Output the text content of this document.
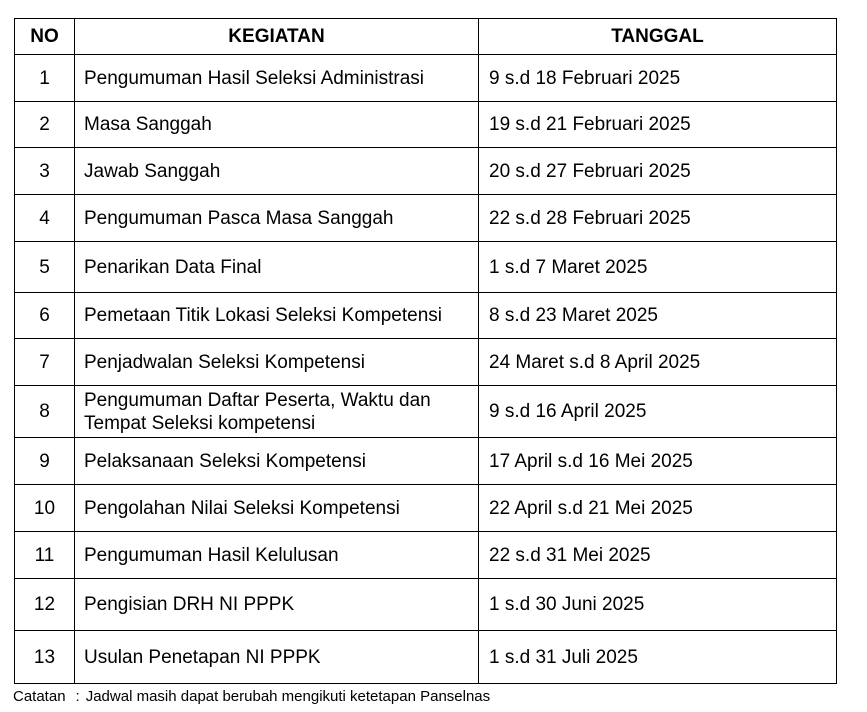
NO	KEGIATAN	TANGGAL
1	Pengumuman Hasil Seleksi Administrasi	9 s.d 18 Februari 2025
2	Masa Sanggah	19 s.d 21 Februari 2025
3	Jawab Sanggah	20 s.d 27 Februari 2025
4	Pengumuman Pasca Masa Sanggah	22 s.d 28 Februari 2025
5	Penarikan Data Final	1 s.d 7 Maret 2025
6	Pemetaan Titik Lokasi Seleksi Kompetensi	8 s.d 23 Maret 2025
7	Penjadwalan Seleksi Kompetensi	24 Maret s.d 8 April 2025
8	Pengumuman Daftar Peserta, Waktu dan Tempat Seleksi kompetensi	9 s.d 16 April 2025
9	Pelaksanaan Seleksi Kompetensi	17 April s.d 16 Mei 2025
10	Pengolahan Nilai Seleksi Kompetensi	22 April s.d 21 Mei 2025
11	Pengumuman Hasil Kelulusan	22 s.d 31 Mei 2025
12	Pengisian DRH NI PPPK	1 s.d 30 Juni 2025
13	Usulan Penetapan NI PPPK	1 s.d 31 Juli 2025
Catatan : Jadwal masih dapat berubah mengikuti ketetapan Panselnas
